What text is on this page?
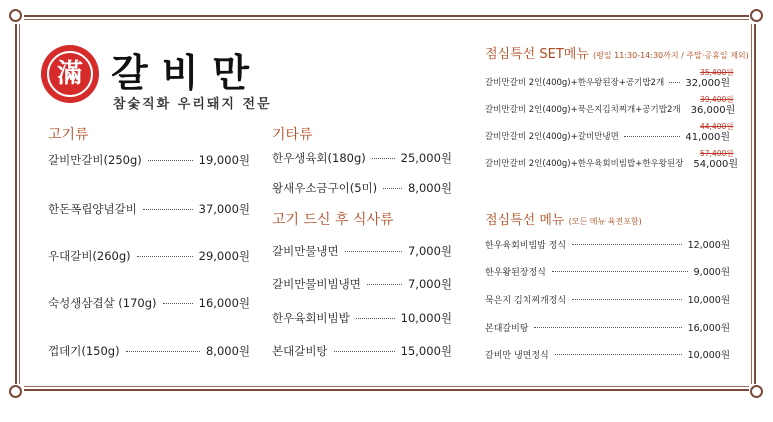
滿 갈비만
참숯직화 우리돼지 전문
고기류
갈비만갈비(250g)	19,000원
한돈폭립양념갈비	37,000원
우대갈비(260g)	29,000원
숙성생삼겹살 (170g)	16,000원
껍데기(150g)	8,000원
기타류
한우생육회(180g)	25,000원
왕새우소금구이(5미)	8,000원
고기 드신 후 식사류
갈비만물냉면	7,000원
갈비만물비빔냉면	7,000원
한우육회비빔밥	10,000원
본대갈비탕	15,000원
점심특선 SET메뉴 (평일 11:30-14:30까지 / 주말·공휴일 제외)
35,400원
갈비만갈비 2인(400g)+한우왕된장+공기밥2개 32,000원
39,400원
갈비만갈비 2인(400g)+묵은지김치찌개+공기밥2개 36,000원
44,400원
갈비만갈비 2인(400g)+갈비만냉면	41,000원
57,400원
갈비만갈비 2인(400g)+한우육회비빔밥+한우왕된장 54,000원
점심특선 메뉴 (모든 메뉴 육전포함)
한우육회비빔밥 정식	12,000원
한우왕된장정식	9,000원
묵은지 김치찌개정식	10,000원
본대갈비탕	16,000원
갈비만 냉면정식	10,000원
